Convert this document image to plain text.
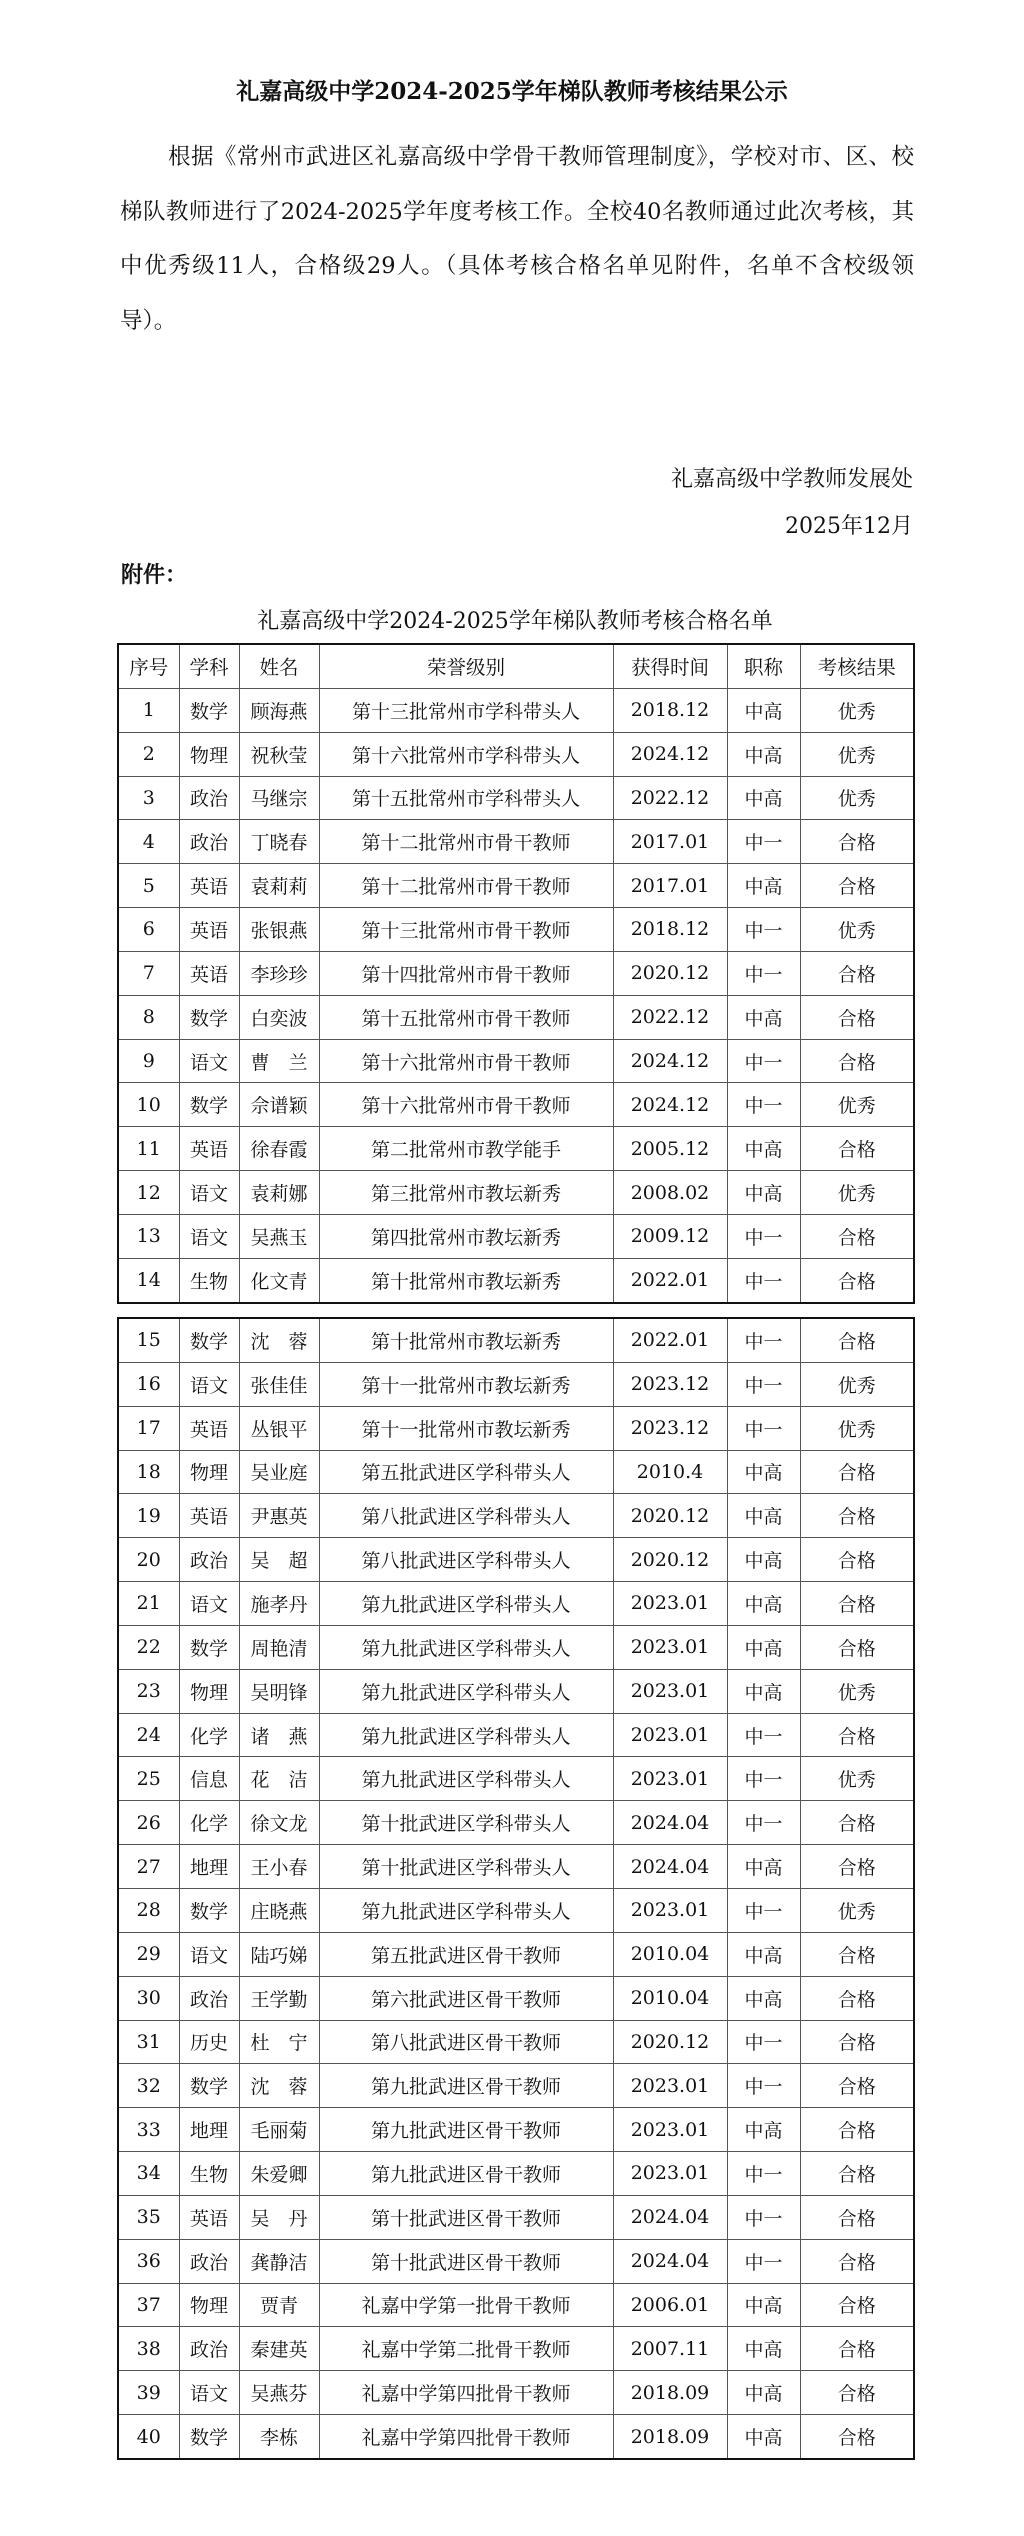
礼嘉高级中学2024-2025学年梯队教师考核结果公示

根据《常州市武进区礼嘉高级中学骨干教师管理制度》，学校对市、区、校梯队教师进行了2024-2025学年度考核工作。全校40名教师通过此次考核，其中优秀级11人，合格级29人。（具体考核合格名单见附件，名单不含校级领导）。

礼嘉高级中学教师发展处
2025年12月
附件：
礼嘉高级中学2024-2025学年梯队教师考核合格名单
序号	学科	姓名	荣誉级别	获得时间	职称	考核结果
1	数学	顾海燕	第十三批常州市学科带头人	2018.12	中高	优秀
2	物理	祝秋莹	第十六批常州市学科带头人	2024.12	中高	优秀
3	政治	马继宗	第十五批常州市学科带头人	2022.12	中高	优秀
4	政治	丁晓春	第十二批常州市骨干教师	2017.01	中一	合格
5	英语	袁莉莉	第十二批常州市骨干教师	2017.01	中高	合格
6	英语	张银燕	第十三批常州市骨干教师	2018.12	中一	优秀
7	英语	李珍珍	第十四批常州市骨干教师	2020.12	中一	合格
8	数学	白奕波	第十五批常州市骨干教师	2022.12	中高	合格
9	语文	曹　兰	第十六批常州市骨干教师	2024.12	中一	合格
10	数学	佘谱颖	第十六批常州市骨干教师	2024.12	中一	优秀
11	英语	徐春霞	第二批常州市教学能手	2005.12	中高	合格
12	语文	袁莉娜	第三批常州市教坛新秀	2008.02	中高	优秀
13	语文	吴燕玉	第四批常州市教坛新秀	2009.12	中一	合格
14	生物	化文青	第十批常州市教坛新秀	2022.01	中一	合格
15	数学	沈　蓉	第十批常州市教坛新秀	2022.01	中一	合格
16	语文	张佳佳	第十一批常州市教坛新秀	2023.12	中一	优秀
17	英语	丛银平	第十一批常州市教坛新秀	2023.12	中一	优秀
18	物理	吴业庭	第五批武进区学科带头人	2010.4	中高	合格
19	英语	尹惠英	第八批武进区学科带头人	2020.12	中高	合格
20	政治	吴　超	第八批武进区学科带头人	2020.12	中高	合格
21	语文	施孝丹	第九批武进区学科带头人	2023.01	中高	合格
22	数学	周艳清	第九批武进区学科带头人	2023.01	中高	合格
23	物理	吴明锋	第九批武进区学科带头人	2023.01	中高	优秀
24	化学	诸　燕	第九批武进区学科带头人	2023.01	中一	合格
25	信息	花　洁	第九批武进区学科带头人	2023.01	中一	优秀
26	化学	徐文龙	第十批武进区学科带头人	2024.04	中一	合格
27	地理	王小春	第十批武进区学科带头人	2024.04	中高	合格
28	数学	庄晓燕	第九批武进区学科带头人	2023.01	中一	优秀
29	语文	陆巧娣	第五批武进区骨干教师	2010.04	中高	合格
30	政治	王学勤	第六批武进区骨干教师	2010.04	中高	合格
31	历史	杜　宁	第八批武进区骨干教师	2020.12	中一	合格
32	数学	沈　蓉	第九批武进区骨干教师	2023.01	中一	合格
33	地理	毛丽菊	第九批武进区骨干教师	2023.01	中高	合格
34	生物	朱爱卿	第九批武进区骨干教师	2023.01	中一	合格
35	英语	吴　丹	第十批武进区骨干教师	2024.04	中一	合格
36	政治	龚静洁	第十批武进区骨干教师	2024.04	中一	合格
37	物理	贾青	礼嘉中学第一批骨干教师	2006.01	中高	合格
38	政治	秦建英	礼嘉中学第二批骨干教师	2007.11	中高	合格
39	语文	吴燕芬	礼嘉中学第四批骨干教师	2018.09	中高	合格
40	数学	李栋	礼嘉中学第四批骨干教师	2018.09	中高	合格
